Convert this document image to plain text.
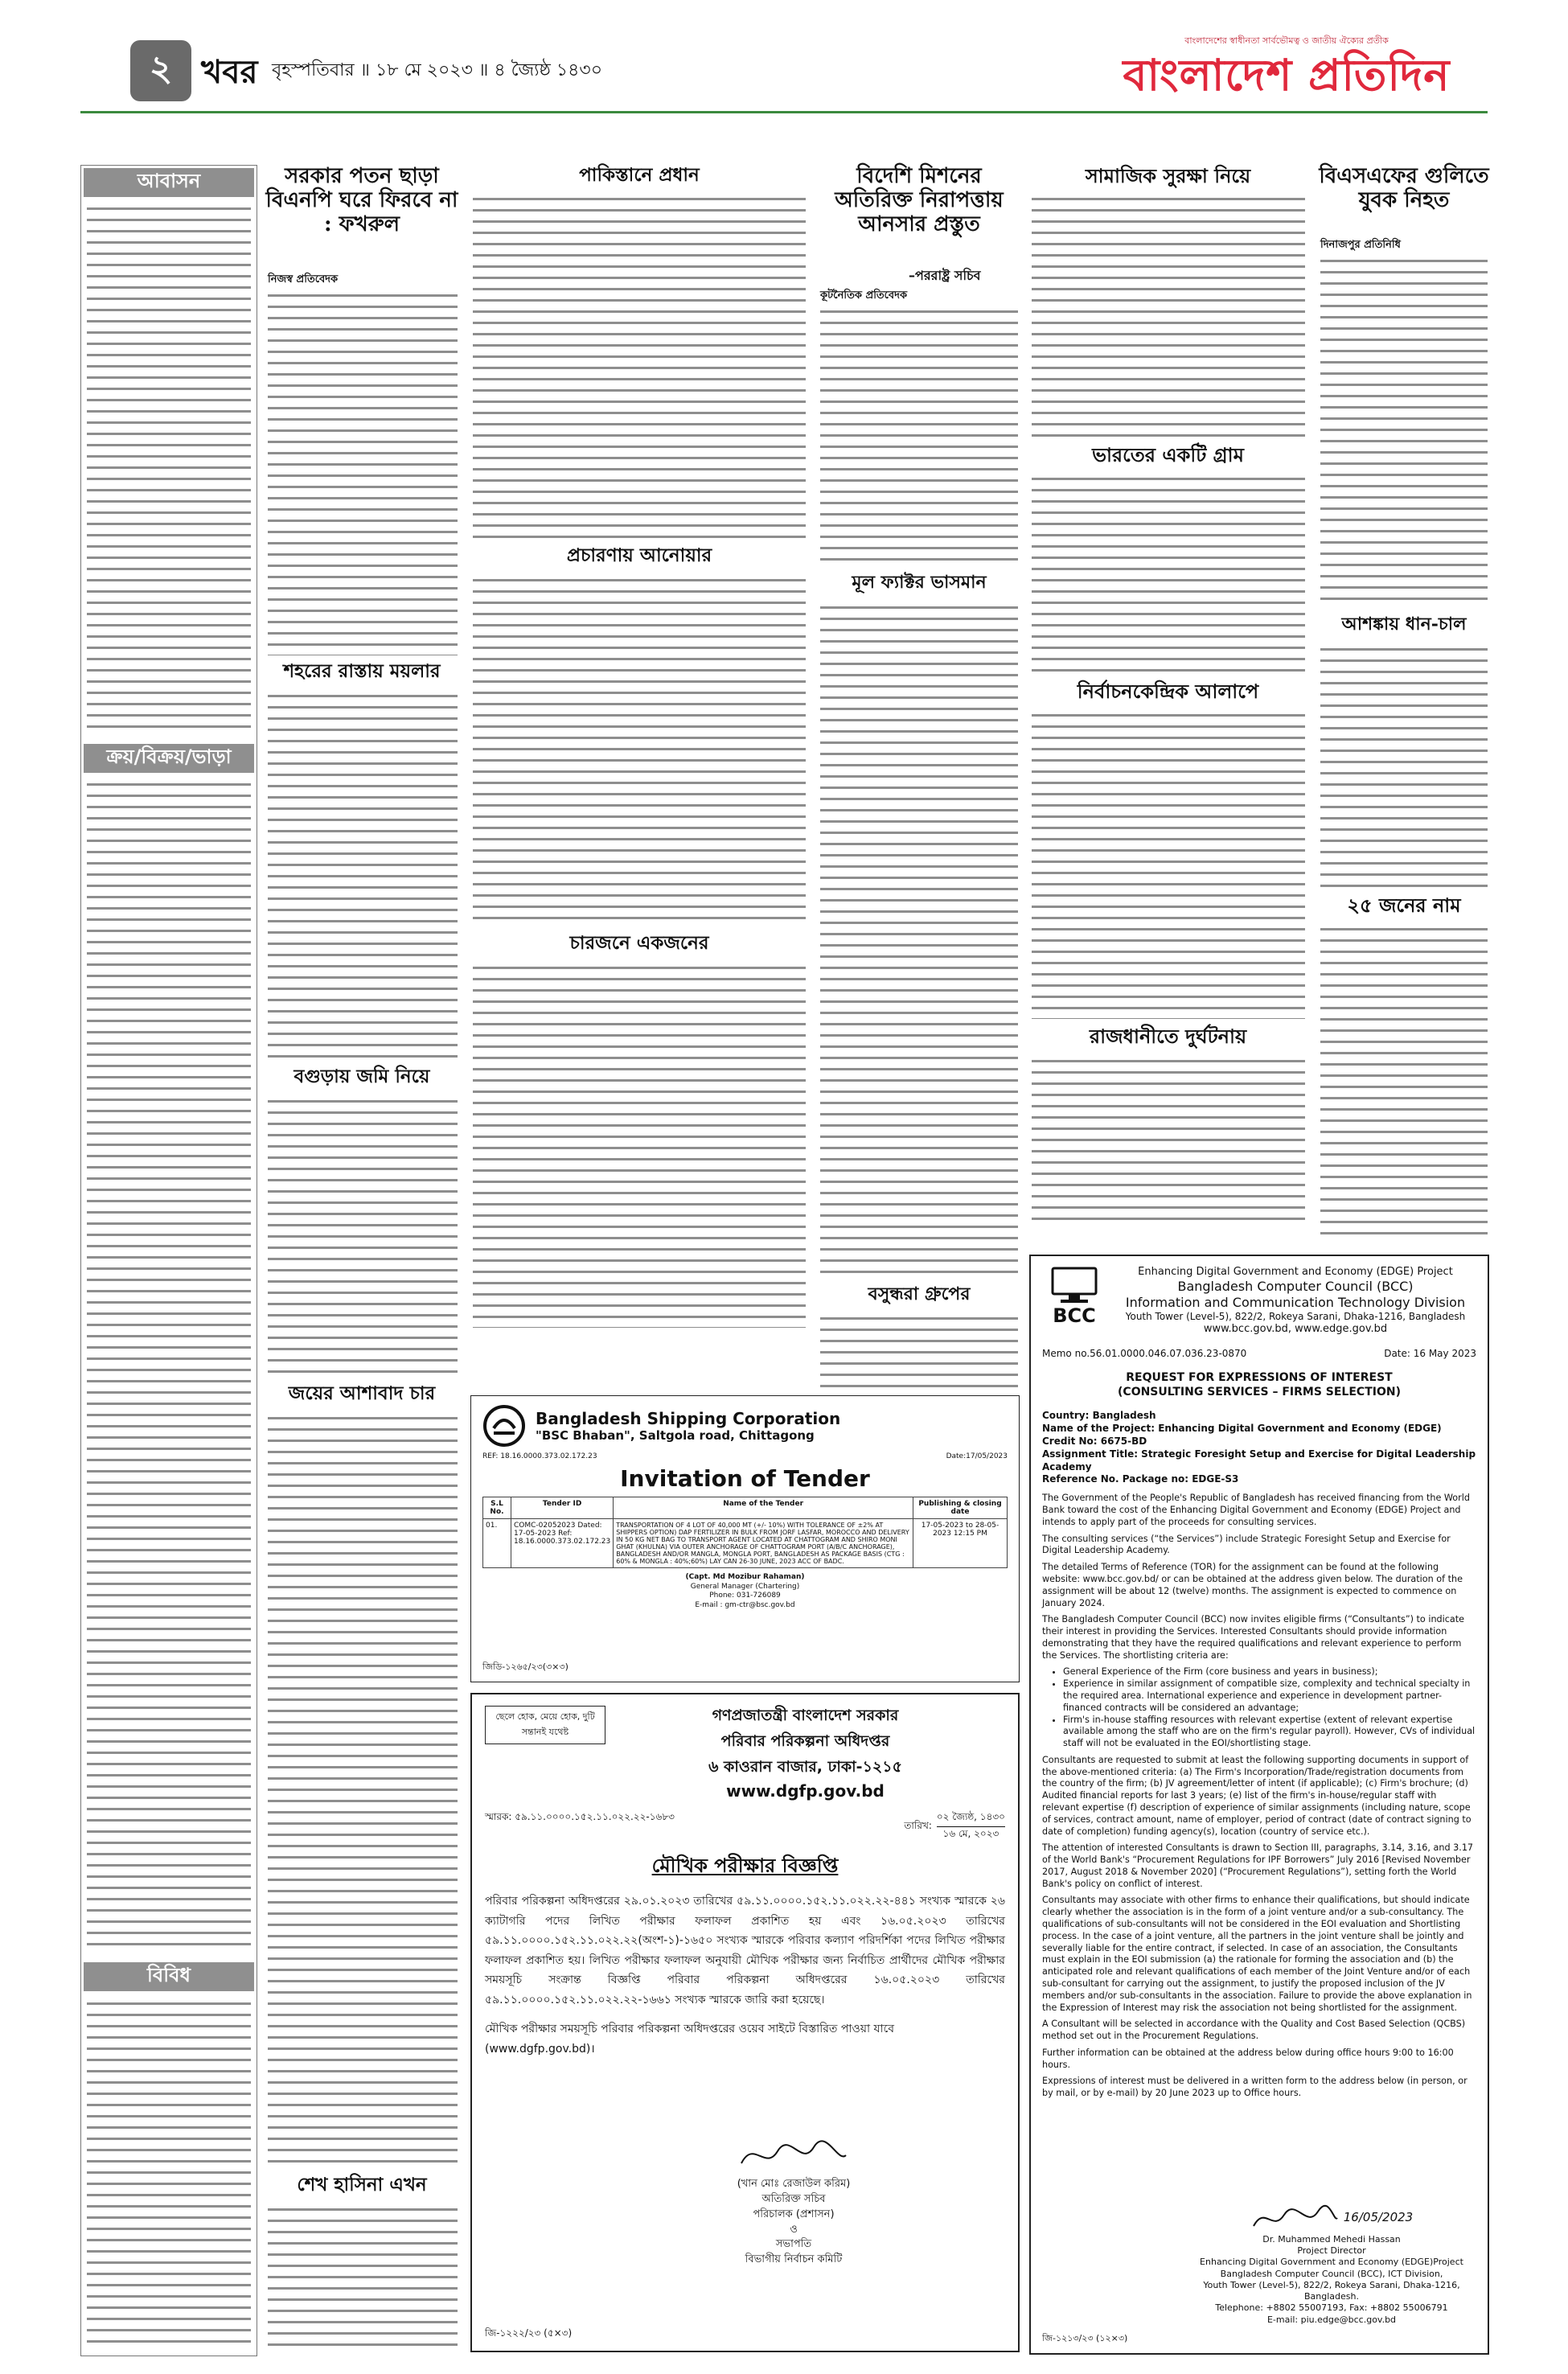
২ খবর বৃহস্পতিবার ॥ ১৮ মে ২০২৩ ॥ ৪ জ্যৈষ্ঠ ১৪৩০
বাংলাদেশের স্বাধীনতা সার্বভৌমত্ব ও জাতীয় ঐক্যের প্রতীক
বাংলাদেশ প্রতিদিন
আবাসন
ক্রয়/বিক্রয়/ভাড়া
বিবিধ
সরকার পতন ছাড়া বিএনপি ঘরে ফিরবে না : ফখরুল
নিজস্ব প্রতিবেদক
শহরের রাস্তায় ময়লার
বগুড়ায় জমি নিয়ে
জয়ের আশাবাদ চার
শেখ হাসিনা এখন
পাকিস্তানে প্রধান
প্রচারণায় আনোয়ার
চারজনে একজনের
বিদেশি মিশনের অতিরিক্ত নিরাপত্তায় আনসার প্রস্তুত
–পররাষ্ট্র সচিব
কূটনৈতিক প্রতিবেদক
মূল ফ্যাক্টর ভাসমান
বসুন্ধরা গ্রুপের
সামাজিক সুরক্ষা নিয়ে
ভারতের একটি গ্রাম
নির্বাচনকেন্দ্রিক আলাপে
রাজধানীতে দুর্ঘটনায়
বিএসএফের গুলিতে যুবক নিহত
দিনাজপুর প্রতিনিধি
আশঙ্কায় ধান-চাল
২৫ জনের নাম
Bangladesh Shipping Corporation
"BSC Bhaban", Saltgola road, Chittagong
REF: 18.16.0000.373.02.172.23	Date:17/05/2023
Invitation of Tender
S.L No.	Tender ID	Name of the Tender	Publishing & closing date
01.	COMC-02052023 Dated: 17-05-2023 Ref: 18.16.0000.373.02.172.23	TRANSPORTATION OF 4 LOT OF 40,000 MT (+/- 10%) WITH TOLERANCE OF ±2% AT SHIPPERS OPTION) DAP FERTILIZER IN BULK FROM JORF LASFAR, MOROCCO AND DELIVERY IN 50 KG NET BAG TO TRANSPORT AGENT LOCATED AT CHATTOGRAM AND SHIRO MONI GHAT (KHULNA) VIA OUTER ANCHORAGE OF CHATTOGRAM PORT (A/B/C ANCHORAGE), BANGLADESH AND/OR MANGLA, MONGLA PORT, BANGLADESH AS PACKAGE BASIS (CTG : 60% & MONGLA : 40%;60%) LAY CAN 26-30 JUNE, 2023 ACC OF BADC.	17-05-2023 to 28-05-2023 12:15 PM
(Capt. Md Mozibur Rahaman)
General Manager (Chartering)
Phone: 031-726089
E-mail : gm-ctr@bsc.gov.bd
জিডি-১২৬৫/২৩(৩×৩)
ছেলে হোক, মেয়ে হোক, দুটি সন্তানই যথেষ্ট
গণপ্রজাতন্ত্রী বাংলাদেশ সরকার
পরিবার পরিকল্পনা অধিদপ্তর
৬ কাওরান বাজার, ঢাকা-১২১৫
www.dgfp.gov.bd
স্মারক: ৫৯.১১.০০০০.১৫২.১১.০২২.২২-১৬৮৩
তারিখ:
০২ জ্যৈষ্ঠ, ১৪৩০
১৬ মে, ২০২৩
মৌখিক পরীক্ষার বিজ্ঞপ্তি
পরিবার পরিকল্পনা অধিদপ্তরের ২৯.০১.২০২৩ তারিখের ৫৯.১১.০০০০.১৫২.১১.০২২.২২-৪৪১ সংখ্যক স্মারকে ২৬ ক্যাটাগরি পদের লিখিত পরীক্ষার ফলাফল প্রকাশিত হয় এবং ১৬.০৫.২০২৩ তারিখের ৫৯.১১.০০০০.১৫২.১১.০২২.২২(অংশ-১)-১৬৫০ সংখ্যক স্মারকে পরিবার কল্যাণ পরিদর্শিকা পদের লিখিত পরীক্ষার ফলাফল প্রকাশিত হয়। লিখিত পরীক্ষার ফলাফল অনুযায়ী মৌখিক পরীক্ষার জন্য নির্বাচিত প্রার্থীদের মৌখিক পরীক্ষার সময়সূচি সংক্রান্ত বিজ্ঞপ্তি পরিবার পরিকল্পনা অধিদপ্তরের ১৬.০৫.২০২৩ তারিখের ৫৯.১১.০০০০.১৫২.১১.০২২.২২-১৬৬১ সংখ্যক স্মারকে জারি করা হয়েছে।
মৌখিক পরীক্ষার সময়সূচি পরিবার পরিকল্পনা অধিদপ্তরের ওয়েব সাইটে বিস্তারিত পাওয়া যাবে (www.dgfp.gov.bd)।
(খান মোঃ রেজাউল করিম)
অতিরিক্ত সচিব
পরিচালক (প্রশাসন)
ও
সভাপতি
বিভাগীয় নির্বাচন কমিটি
জি-১২২২/২৩ (৫×৩)
BCC
Enhancing Digital Government and Economy (EDGE) Project
Bangladesh Computer Council (BCC)
Information and Communication Technology Division
Youth Tower (Level-5), 822/2, Rokeya Sarani, Dhaka-1216, Bangladesh
www.bcc.gov.bd, www.edge.gov.bd
Memo no.56.01.0000.046.07.036.23-0870	Date: 16 May 2023
REQUEST FOR EXPRESSIONS OF INTEREST
(CONSULTING SERVICES – FIRMS SELECTION)
Country: Bangladesh
Name of the Project: Enhancing Digital Government and Economy (EDGE)
Credit No: 6675-BD
Assignment Title: Strategic Foresight Setup and Exercise for Digital Leadership Academy
Reference No. Package no: EDGE-S3

The Government of the People's Republic of Bangladesh has received financing from the World Bank toward the cost of the Enhancing Digital Government and Economy (EDGE) Project and intends to apply part of the proceeds for consulting services.

The consulting services (“the Services”) include Strategic Foresight Setup and Exercise for Digital Leadership Academy.

The detailed Terms of Reference (TOR) for the assignment can be found at the following website: www.bcc.gov.bd/ or can be obtained at the address given below. The duration of the assignment will be about 12 (twelve) months. The assignment is expected to commence on January 2024.

The Bangladesh Computer Council (BCC) now invites eligible firms (“Consultants”) to indicate their interest in providing the Services. Interested Consultants should provide information demonstrating that they have the required qualifications and relevant experience to perform the Services. The shortlisting criteria are:

• General Experience of the Firm (core business and years in business);
• Experience in similar assignment of compatible size, complexity and technical specialty in the required area. International experience and experience in development partner-financed contracts will be considered an advantage;
• Firm's in-house staffing resources with relevant expertise (extent of relevant expertise available among the staff who are on the firm's regular payroll). However, CVs of individual staff will not be evaluated in the EOI/shortlisting stage.

Consultants are requested to submit at least the following supporting documents in support of the above-mentioned criteria: (a) The Firm's Incorporation/Trade/registration documents from the country of the firm; (b) JV agreement/letter of intent (if applicable); (c) Firm's brochure; (d) Audited financial reports for last 3 years; (e) list of the firm's in-house/regular staff with relevant expertise (f) description of experience of similar assignments (including nature, scope of services, contract amount, name of employer, period of contract (date of contract signing to date of completion) funding agency(s), location (country of service etc.).

The attention of interested Consultants is drawn to Section III, paragraphs, 3.14, 3.16, and 3.17 of the World Bank's “Procurement Regulations for IPF Borrowers” July 2016 [Revised November 2017, August 2018 & November 2020] (“Procurement Regulations”), setting forth the World Bank's policy on conflict of interest.

Consultants may associate with other firms to enhance their qualifications, but should indicate clearly whether the association is in the form of a joint venture and/or a sub-consultancy. The qualifications of sub-consultants will not be considered in the EOI evaluation and Shortlisting process. In the case of a joint venture, all the partners in the joint venture shall be jointly and severally liable for the entire contract, if selected. In case of an association, the Consultants must explain in the EOI submission (a) the rationale for forming the association and (b) the anticipated role and relevant qualifications of each member of the Joint Venture and/or of each sub-consultant for carrying out the assignment, to justify the proposed inclusion of the JV members and/or sub-consultants in the association. Failure to provide the above explanation in the Expression of Interest may risk the association not being shortlisted for the assignment.

A Consultant will be selected in accordance with the Quality and Cost Based Selection (QCBS) method set out in the Procurement Regulations.

Further information can be obtained at the address below during office hours 9:00 to 16:00 hours.

Expressions of interest must be delivered in a written form to the address below (in person, or by mail, or by e-mail) by 20 June 2023 up to Office hours.

16/05/2023
Dr. Muhammed Mehedi Hassan
Project Director
Enhancing Digital Government and Economy (EDGE)Project
Bangladesh Computer Council (BCC), ICT Division,
Youth Tower (Level-5), 822/2, Rokeya Sarani, Dhaka-1216, Bangladesh.
Telephone: +8802 55007193, Fax: +8802 55006791
E-mail: piu.edge@bcc.gov.bd
জি-১২১৩/২৩ (১২×৩)
